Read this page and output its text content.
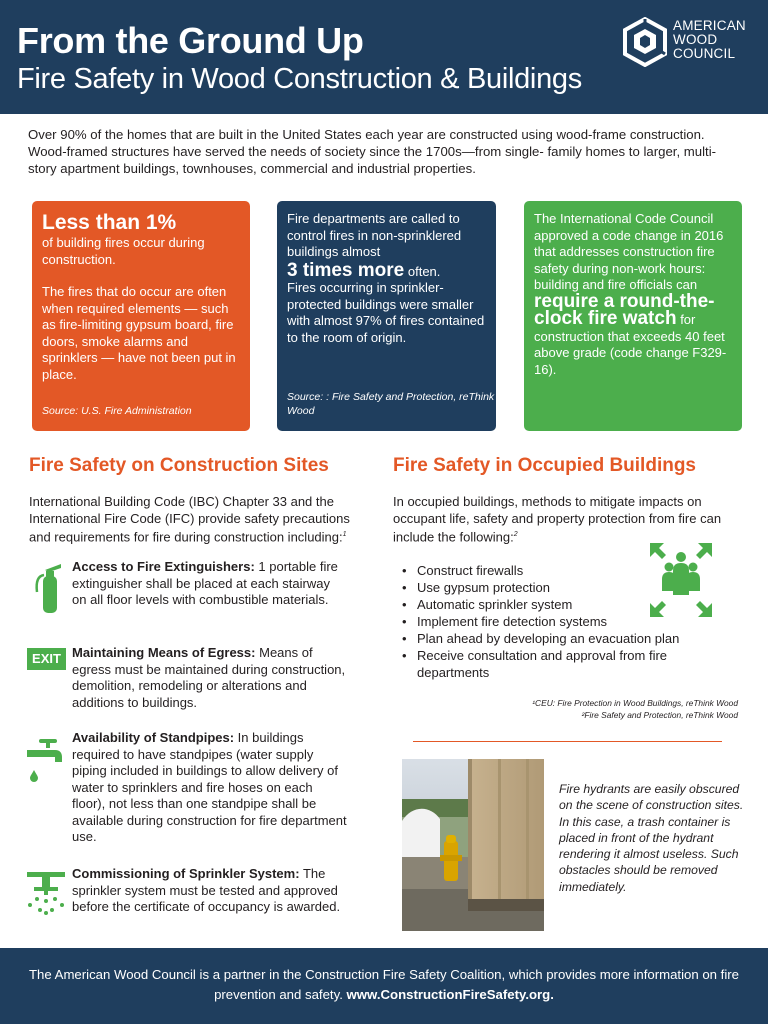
From the Ground Up
Fire Safety in Wood Construction & Buildings
AMERICAN
WOOD
COUNCIL
Over 90% of the homes that are built in the United States each year are constructed using wood-frame construction. Wood-framed structures have served the needs of society since the 1700s—from single- family homes to larger, multi-story apartment buildings, townhouses, commercial and industrial properties.
Less than 1%
of building fires occur during construction.
The fires that do occur are often when required elements — such as fire-limiting gypsum board, fire doors, smoke alarms and sprinklers — have not been put in place.
Source: U.S. Fire Administration
Fire departments are called to control fires in non-sprinklered buildings almost
3 times more often.
Fires occurring in sprinkler-protected buildings were smaller with almost 97% of fires contained to the room of origin.
Source: : Fire Safety and Protection, reThink Wood
The International Code Council approved a code change in 2016 that addresses construction fire safety during non-work hours: building and fire officials can require a round-the-clock fire watch for construction that exceeds 40 feet above grade (code change F329-16).
Fire Safety on Construction Sites	Fire Safety in Occupied Buildings
International Building Code (IBC) Chapter 33 and the International Fire Code (IFC) provide safety precautions and requirements for fire during construction including:$^1$
Access to Fire Extinguishers: 1 portable fire extinguisher shall be placed at each stairway on all floor levels with combustible materials.
EXIT Maintaining Means of Egress: Means of egress must be maintained during construction, demolition, remodeling or alterations and additions to buildings.
Availability of Standpipes: In buildings required to have standpipes (water supply piping included in buildings to allow delivery of water to sprinklers and fire hoses on each floor), not less than one standpipe shall be available during construction for fire department use.
Commissioning of Sprinkler System: The sprinkler system must be tested and approved before the certificate of occupancy is awarded.
In occupied buildings, methods to mitigate impacts on occupant life, safety and property protection from fire can include the following:$^2$
• Construct firewalls
• Use gypsum protection
• Automatic sprinkler system
• Implement fire detection systems
• Plan ahead by developing an evacuation plan
• Receive consultation and approval from fire departments
¹CEU: Fire Protection in Wood Buildings, reThink Wood
²Fire Safety and Protection, reThink Wood
Fire hydrants are easily obscured on the scene of construction sites. In this case, a trash container is placed in front of the hydrant rendering it almost useless. Such obstacles should be removed immediately.
The American Wood Council is a partner in the Construction Fire Safety Coalition, which provides more information on fire prevention and safety. www.ConstructionFireSafety.org.
